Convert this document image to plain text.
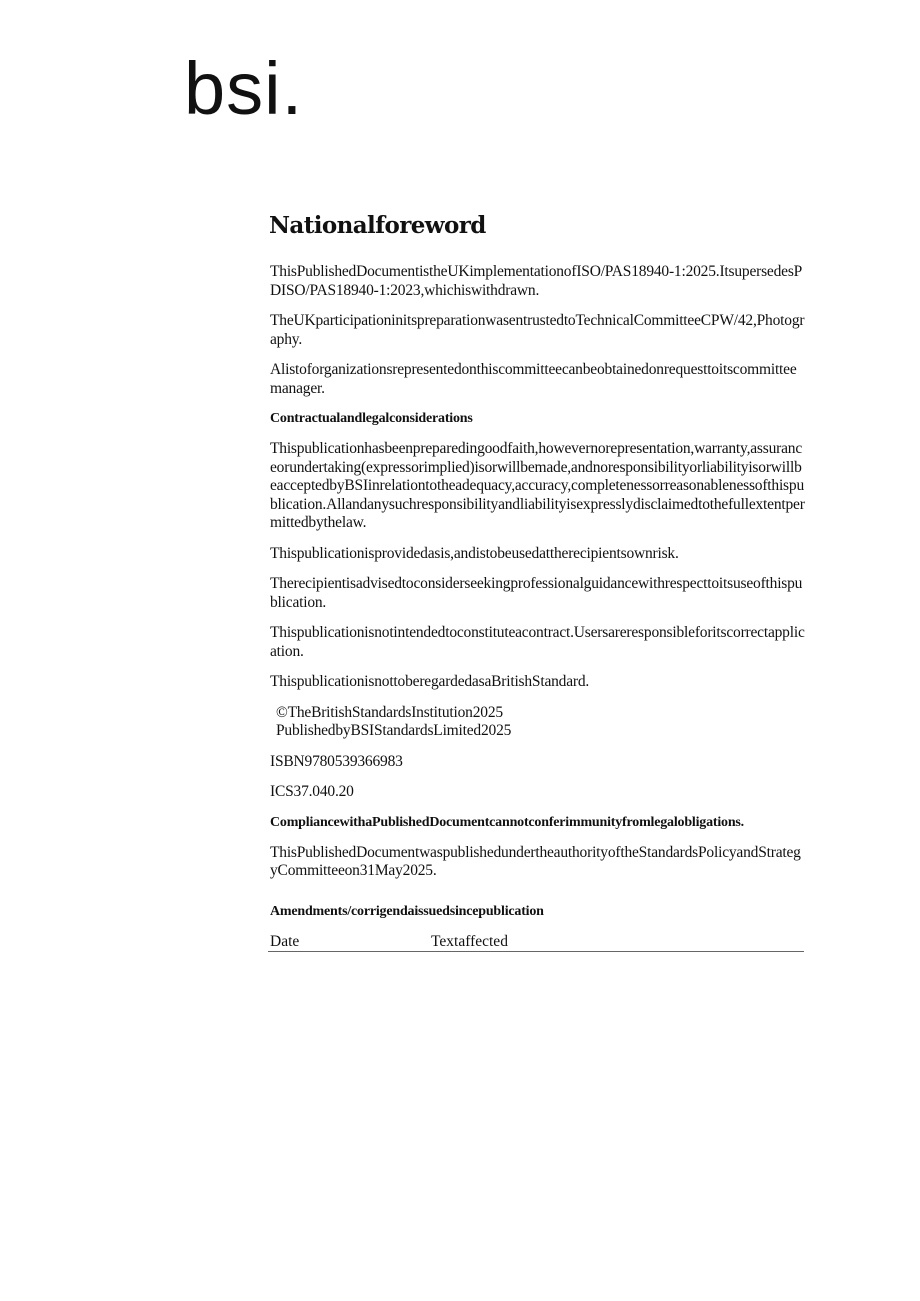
bsi.
Nationalforeword

ThisPublishedDocumentistheUKimplementationofISO/PAS18940-1:2025.ItsupersedesPDISO/PAS18940-1:2023,whichiswithdrawn.

TheUKparticipationinitspreparationwasentrustedtoTechnicalCommitteeCPW/42,Photography.

Alistoforganizationsrepresentedonthiscommitteecanbeobtainedonrequesttoitscommitteemanager.

Contractualandlegalconsiderations

Thispublicationhasbeenpreparedingoodfaith,howevernorepresentation,warranty,assuranceorundertaking(expressorimplied)isorwillbemade,andnoresponsibilityorliabilityisorwillbeacceptedbyBSIinrelationtotheadequacy,accuracy,completenessorreasonablenessofthispublication.Allandanysuchresponsibilityandliabilityisexpresslydisclaimedtothefullextentpermittedbythelaw.

Thispublicationisprovidedasis,andistobeusedattherecipientsownrisk.

Therecipientisadvisedtoconsiderseekingprofessionalguidancewithrespecttoitsuseofthispublication.

Thispublicationisnotintendedtoconstituteacontract.Usersareresponsibleforitscorrectapplication.

ThispublicationisnottoberegardedasaBritishStandard.

©TheBritishStandardsInstitution2025
PublishedbyBSIStandardsLimited2025

ISBN9780539366983

ICS37.040.20

CompliancewithaPublishedDocumentcannotconferimmunityfromlegalobligations.

ThisPublishedDocumentwaspublishedundertheauthorityoftheStandardsPolicyandStrategyCommitteeon31May2025.

Amendments/corrigendaissuedsincepublication
Date	Textaffected
